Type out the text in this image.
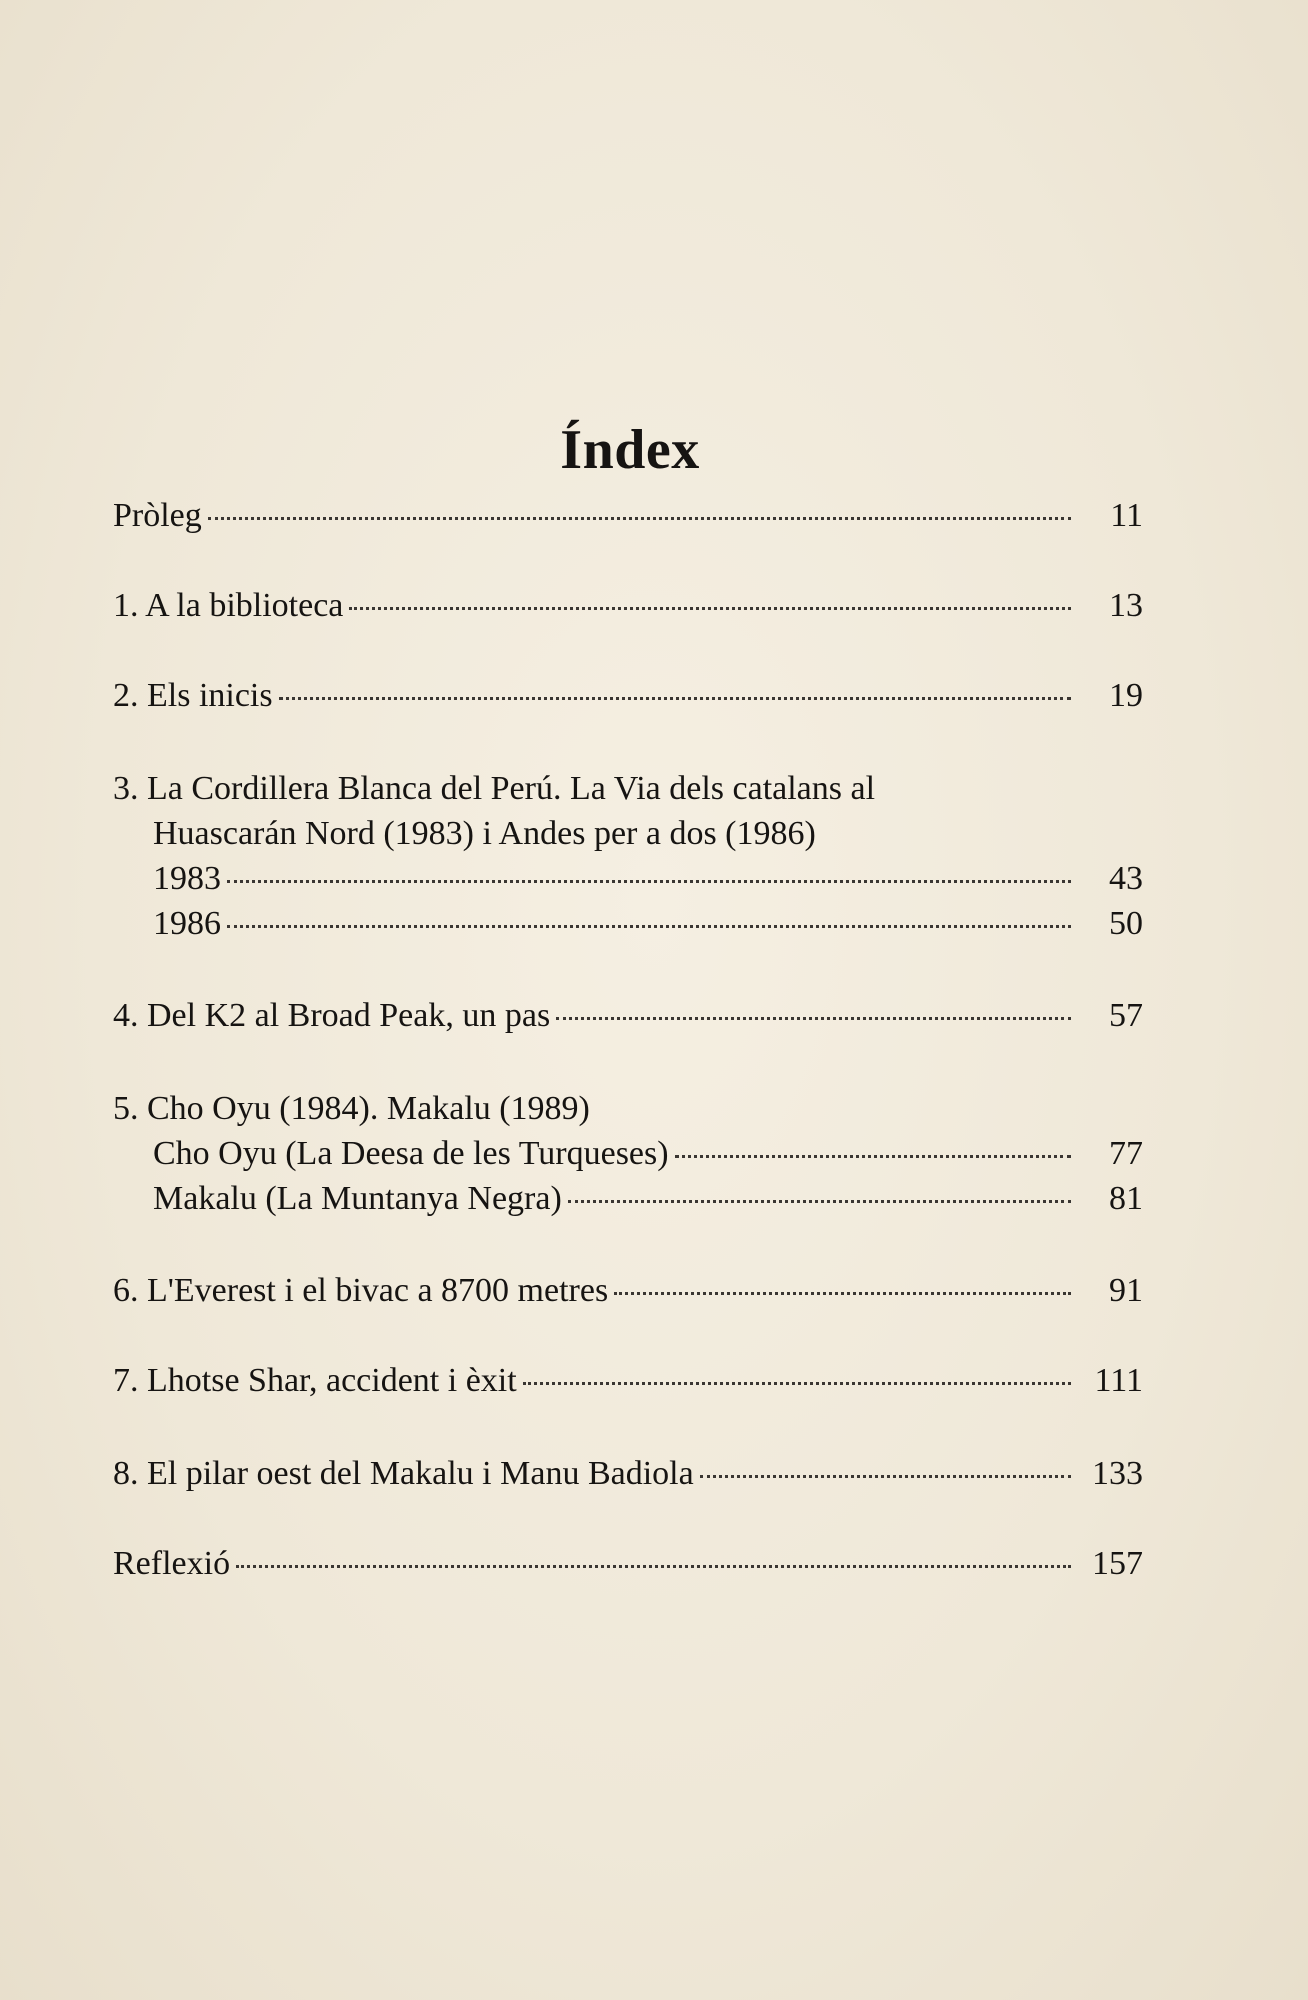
Índex
Pròleg	11
1. A la biblioteca	13
2. Els inicis	19
3. La Cordillera Blanca del Perú. La Via dels catalans al
Huascarán Nord (1983) i Andes per a dos (1986)
1983	43
1986	50
4. Del K2 al Broad Peak, un pas	57
5. Cho Oyu (1984). Makalu (1989)
Cho Oyu (La Deesa de les Turqueses)	77
Makalu (La Muntanya Negra)	81
6. L'Everest i el bivac a 8700 metres	91
7. Lhotse Shar, accident i èxit	111
8. El pilar oest del Makalu i Manu Badiola	133
Reflexió	157
